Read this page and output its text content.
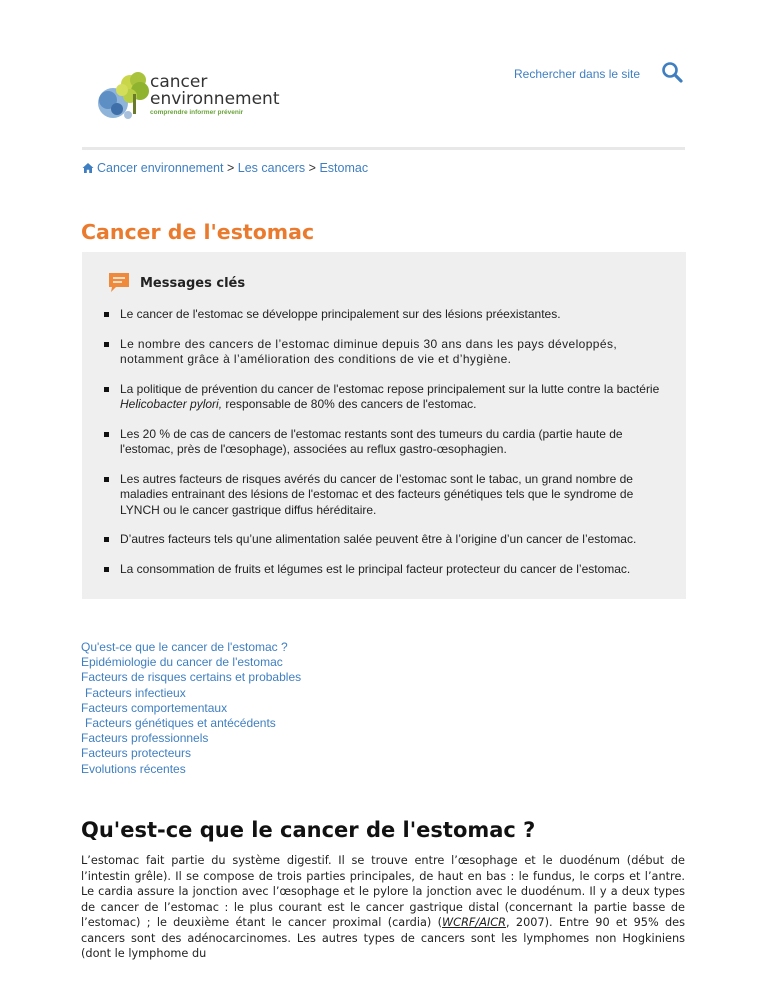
Rechercher dans le site
cancer
environnement
comprendre informer prévenir
Cancer environnement > Les cancers > Estomac
Cancer de l'estomac
Messages clés
Le cancer de l'estomac se développe principalement sur des lésions préexistantes.
Le nombre des cancers de l’estomac diminue depuis 30 ans dans les pays développés, notamment grâce à l’amélioration des conditions de vie et d’hygiène.
La politique de prévention du cancer de l'estomac repose principalement sur la lutte contre la bactérie Helicobacter pylori, responsable de 80% des cancers de l'estomac.
Les 20 % de cas de cancers de l'estomac restants sont des tumeurs du cardia (partie haute de l'estomac, près de l'œsophage), associées au reflux gastro-œsophagien.
Les autres facteurs de risques avérés du cancer de l’estomac sont le tabac, un grand nombre de maladies entrainant des lésions de l'estomac et des facteurs génétiques tels que le syndrome de LYNCH ou le cancer gastrique diffus héréditaire.
D’autres facteurs tels qu’une alimentation salée peuvent être à l’origine d’un cancer de l’estomac.
La consommation de fruits et légumes est le principal facteur protecteur du cancer de l’estomac.
Qu'est-ce que le cancer de l'estomac ?
Epidémiologie du cancer de l'estomac
Facteurs de risques certains et probables
Facteurs infectieux
Facteurs comportementaux
Facteurs génétiques et antécédents
Facteurs professionnels
Facteurs protecteurs
Evolutions récentes
Qu'est-ce que le cancer de l'estomac ?

L’estomac fait partie du système digestif. Il se trouve entre l’œsophage et le duodénum (début de l’intestin grêle). Il se compose de trois parties principales, de haut en bas : le fundus, le corps et l’antre. Le cardia assure la jonction avec l’œsophage et le pylore la jonction avec le duodénum. Il y a deux types de cancer de l’estomac : le plus courant est le cancer gastrique distal (concernant la partie basse de l’estomac) ; le deuxième étant le cancer proximal (cardia) (WCRF/AICR, 2007). Entre 90 et 95% des cancers sont des adénocarcinomes. Les autres types de cancers sont les lymphomes non Hogkiniens (dont le lymphome du
